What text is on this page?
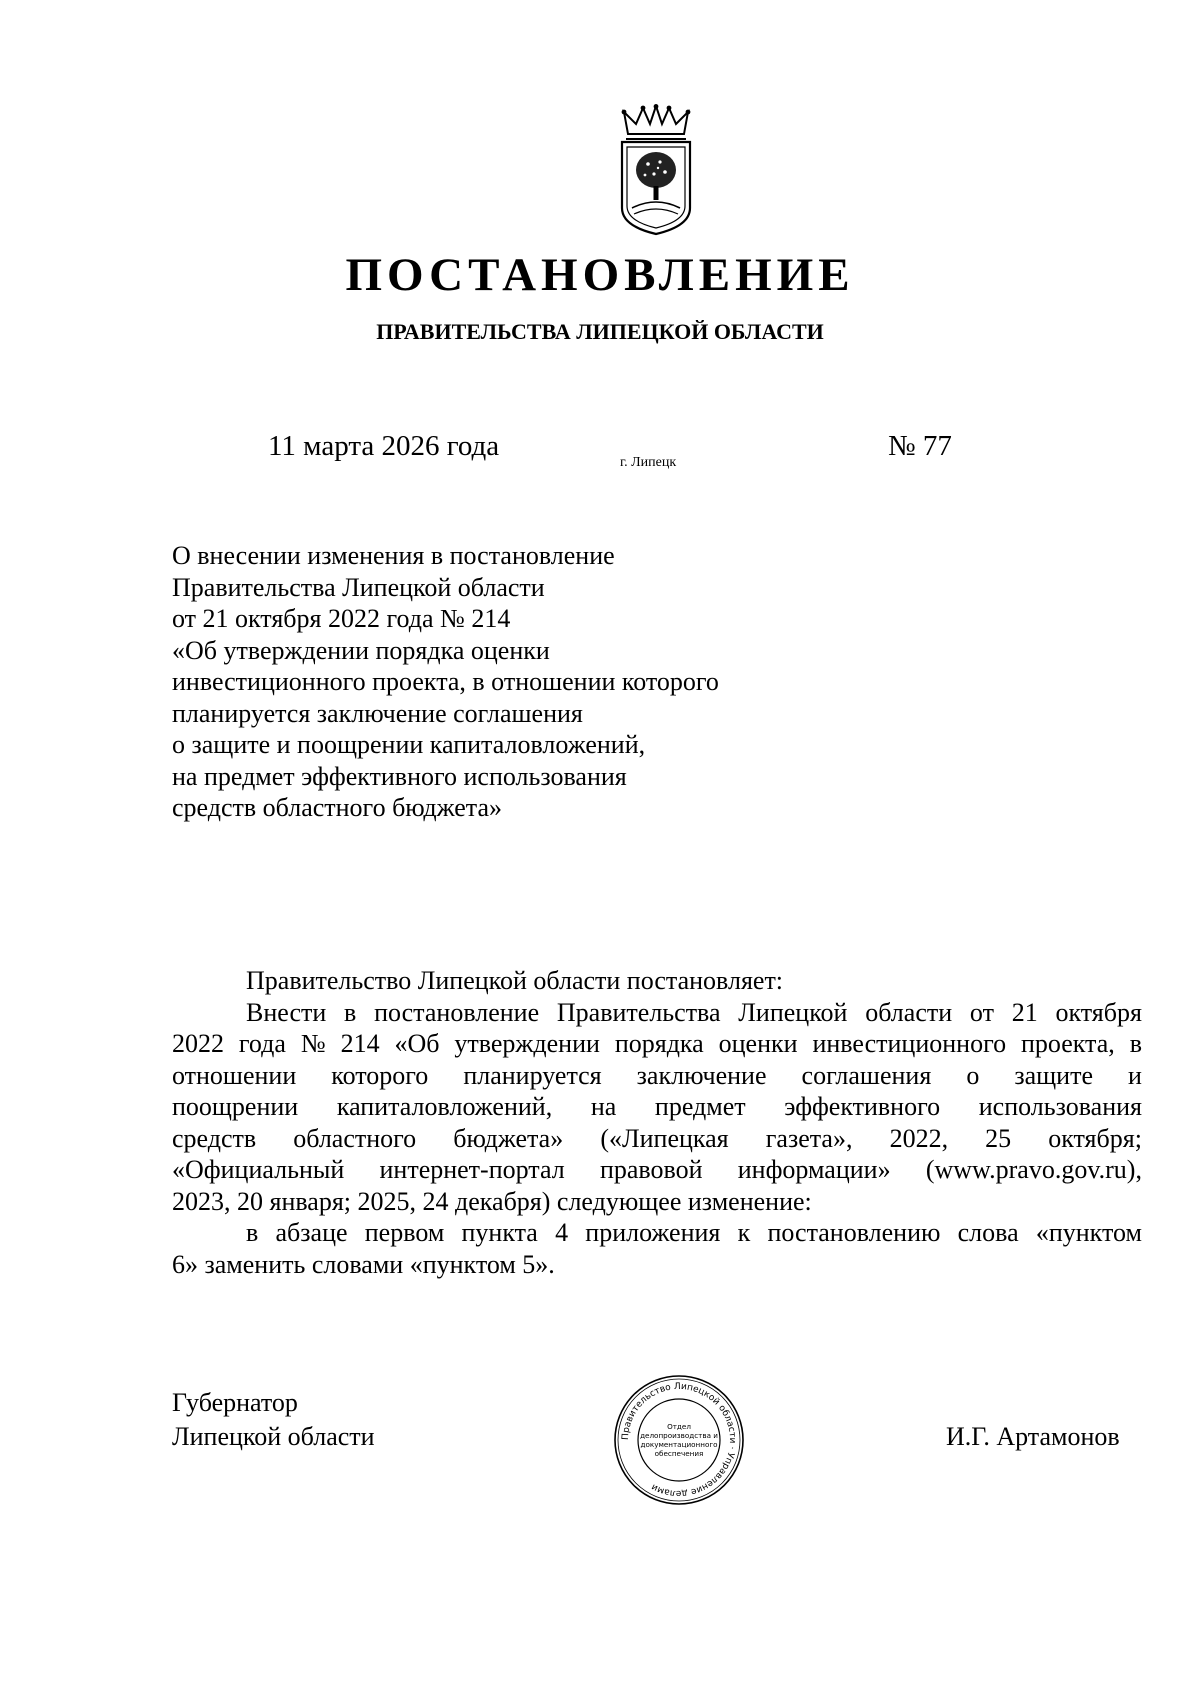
ПОСТАНОВЛЕНИЕ
ПРАВИТЕЛЬСТВА ЛИПЕЦКОЙ ОБЛАСТИ
11 марта 2026 года
г. Липецк
№ 77
О внесении изменения в постановление
Правительства Липецкой области
от 21 октября 2022 года № 214
«Об утверждении порядка оценки
инвестиционного проекта, в отношении которого
планируется заключение соглашения
о защите и поощрении капиталовложений,
на предмет эффективного использования
средств областного бюджета»
Правительство Липецкой области постановляет:
Внести в постановление Правительства Липецкой области от 21 октября
2022 года № 214 «Об утверждении порядка оценки инвестиционного проекта, в
отношении которого планируется заключение соглашения о защите и
поощрении капиталовложений, на предмет эффективного использования
средств областного бюджета» («Липецкая газета», 2022, 25 октября;
«Официальный интернет-портал правовой информации» (www.pravo.gov.ru),
2023, 20 января; 2025, 24 декабря) следующее изменение:
в абзаце первом пункта 4 приложения к постановлению слова «пунктом
6» заменить словами «пунктом 5».
Губернатор
Липецкой области	Правительство Липецкой области · Управление делами
Отдел
делопроизводства и
документационного
обеспечения
И.Г. Артамонов
